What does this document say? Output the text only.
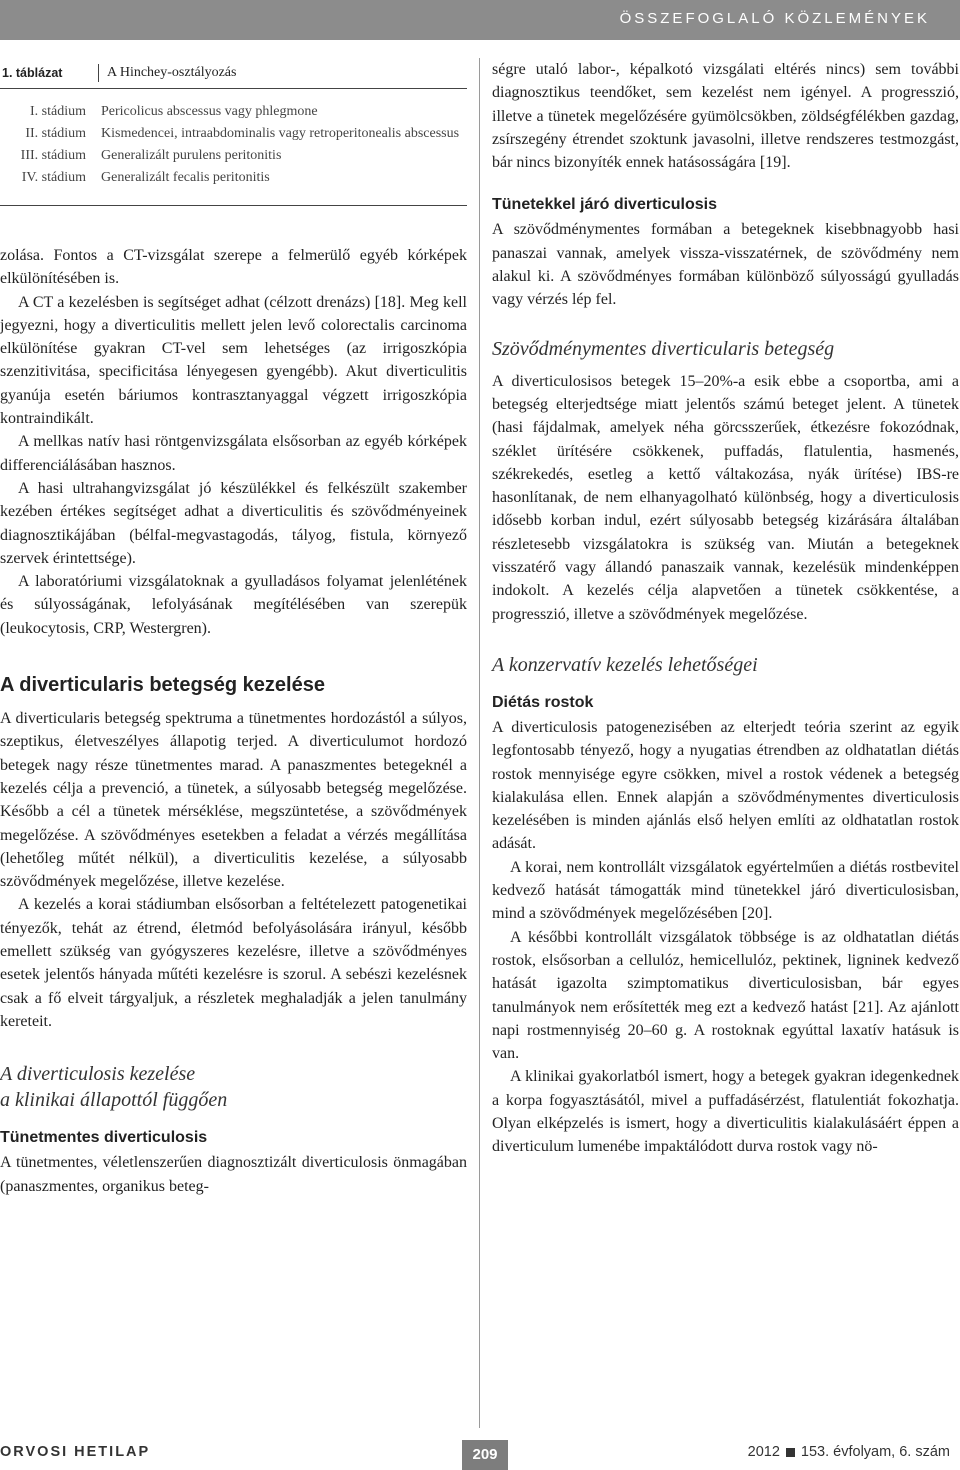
ÖSSZEFOGLALÓ KÖZLEMÉNYEK
1. táblázat	A Hinchey-osztályozás
I. stádium	Pericolicus abscessus vagy phlegmone
II. stádium	Kismedencei, intraabdominalis vagy retroperitonealis abscessus
III. stádium	Generalizált purulens peritonitis
IV. stádium	Generalizált fecalis peritonitis

zolása. Fontos a CT-vizsgálat szerepe a felmerülő egyéb kórképek elkülönítésében is.

A CT a kezelésben is segítséget adhat (célzott drenázs) [18]. Meg kell jegyezni, hogy a diverticulitis mellett jelen levő colorectalis carcinoma elkülönítése gyakran CT-vel sem lehetséges (az irrigoszkópia szenzitivitása, specificitása lényegesen gyengébb). Akut diverticulitis gyanúja esetén báriumos kontrasztanyaggal végzett irrigoszkópia kontraindikált.

A mellkas natív hasi röntgenvizsgálata elsősorban az egyéb kórképek differenciálásában hasznos.

A hasi ultrahangvizsgálat jó készülékkel és felkészült szakember kezében értékes segítséget adhat a diverticulitis és szövődményeinek diagnosztikájában (bélfal-megvastagodás, tályog, fistula, környező szervek érintettsége).

A laboratóriumi vizsgálatoknak a gyulladásos folyamat jelenlétének és súlyosságának, lefolyásának megítélésében van szerepük (leukocytosis, CRP, Westergren).

A diverticularis betegség kezelése

A diverticularis betegség spektruma a tünetmentes hordozástól a súlyos, szeptikus, életveszélyes állapotig terjed. A diverticulumot hordozó betegek nagy része tünetmentes marad. A panaszmentes betegeknél a kezelés célja a prevenció, a tünetek, a súlyosabb betegség megelőzése. Később a cél a tünetek mérséklése, megszüntetése, a szövődmények megelőzése. A szövődményes esetekben a feladat a vérzés megállítása (lehetőleg műtét nélkül), a diverticulitis kezelése, a súlyosabb szövődmények megelőzése, illetve kezelése.

A kezelés a korai stádiumban elsősorban a feltételezett patogenetikai tényezők, tehát az étrend, életmód befolyásolására irányul, később emellett szükség van gyógyszeres kezelésre, illetve a szövődményes esetek jelentős hányada műtéti kezelésre is szorul. A sebészi kezelésnek csak a fő elveit tárgyaljuk, a részletek meghaladják a jelen tanulmány kereteit.

A diverticulosis kezelése
a klinikai állapottól függően
Tünetmentes diverticulosis

A tünetmentes, véletlenszerűen diagnosztizált diverticulosis önmagában (panaszmentes, organikus beteg-

ségre utaló labor-, képalkotó vizsgálati eltérés nincs) sem további diagnosztikus teendőket, sem kezelést nem igényel. A progresszió, illetve a tünetek megelőzésére gyümölcsökben, zöldségfélékben gazdag, zsírszegény étrendet szoktunk javasolni, illetve rendszeres testmozgást, bár nincs bizonyíték ennek hatásosságára [19].

Tünetekkel járó diverticulosis

A szövődménymentes formában a betegeknek kisebbnagyobb hasi panaszai vannak, amelyek vissza-visszatérnek, de szövődmény nem alakul ki. A szövődményes formában különböző súlyosságú gyulladás vagy vérzés lép fel.

Szövődménymentes diverticularis betegség

A diverticulosisos betegek 15–20%-a esik ebbe a csoportba, ami a betegség elterjedtsége miatt jelentős számú beteget jelent. A tünetek (hasi fájdalmak, amelyek néha görcsszerűek, étkezésre fokozódnak, széklet ürítésére csökkenek, puffadás, flatulentia, hasmenés, székrekedés, esetleg a kettő váltakozása, nyák ürítése) IBS-re hasonlítanak, de nem elhanyagolható különbség, hogy a diverticulosis idősebb korban indul, ezért súlyosabb betegség kizárására általában részletesebb vizsgálatokra is szükség van. Miután a betegeknek visszatérő vagy állandó panaszaik vannak, kezelésük mindenképpen indokolt. A kezelés célja alapvetően a tünetek csökkentése, a progresszió, illetve a szövődmények megelőzése.

A konzervatív kezelés lehetőségei
Diétás rostok

A diverticulosis patogenezisében az elterjedt teória szerint az egyik legfontosabb tényező, hogy a nyugatias étrendben az oldhatatlan diétás rostok mennyisége egyre csökken, mivel a rostok védenek a betegség kialakulása ellen. Ennek alapján a szövődménymentes diverticulosis kezelésében is minden ajánlás első helyen említi az oldhatatlan rostok adását.

A korai, nem kontrollált vizsgálatok egyértelműen a diétás rostbevitel kedvező hatását támogatták mind tünetekkel járó diverticulosisban, mind a szövődmények megelőzésében [20].

A későbbi kontrollált vizsgálatok többsége is az oldhatatlan diétás rostok, elsősorban a cellulóz, hemicellulóz, pektinek, ligninek kedvező hatását igazolta szimptomatikus diverticulosisban, bár egyes tanulmányok nem erősítették meg ezt a kedvező hatást [21]. Az ajánlott napi rostmennyiség 20–60 g. A rostoknak egyúttal laxatív hatásuk is van.

A klinikai gyakorlatból ismert, hogy a betegek gyakran idegenkednek a korpa fogyasztásától, mivel a puffadásérzést, flatulentiát fokozhatja. Olyan elképzelés is ismert, hogy a diverticulitis kialakulásáért éppen a diverticulum lumenébe impaktálódott durva rostok vagy nö-

ORVOSI HETILAP	209	2012 153. évfolyam, 6. szám
